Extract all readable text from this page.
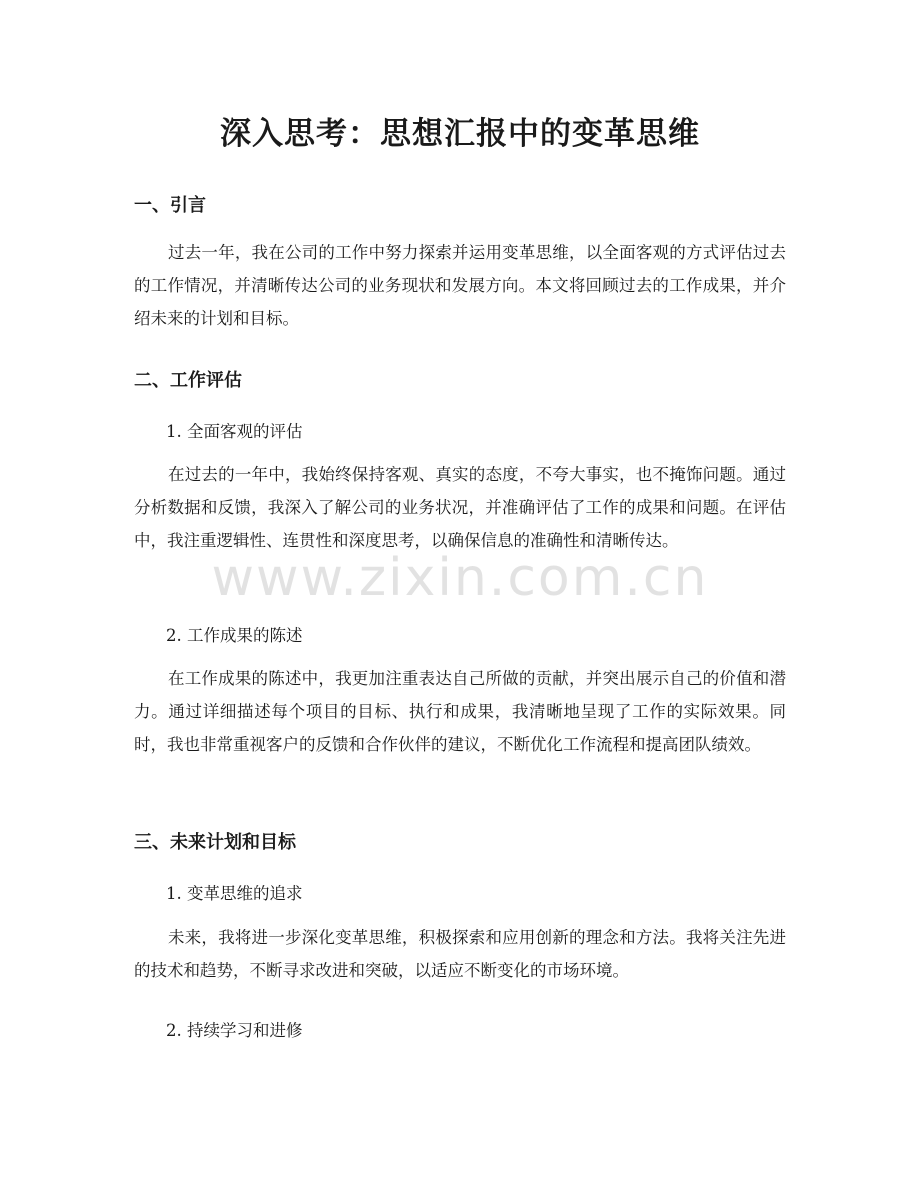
深入思考：思想汇报中的变革思维
一、引言

过去一年，我在公司的工作中努力探索并运用变革思维，以全面客观的方式评估过去的工作情况，并清晰传达公司的业务现状和发展方向。本文将回顾过去的工作成果，并介绍未来的计划和目标。

二、工作评估

1. 全面客观的评估

在过去的一年中，我始终保持客观、真实的态度，不夸大事实，也不掩饰问题。通过分析数据和反馈，我深入了解公司的业务状况，并准确评估了工作的成果和问题。在评估中，我注重逻辑性、连贯性和深度思考，以确保信息的准确性和清晰传达。

2. 工作成果的陈述

在工作成果的陈述中，我更加注重表达自己所做的贡献，并突出展示自己的价值和潜力。通过详细描述每个项目的目标、执行和成果，我清晰地呈现了工作的实际效果。同时，我也非常重视客户的反馈和合作伙伴的建议，不断优化工作流程和提高团队绩效。

三、未来计划和目标

1. 变革思维的追求

未来，我将进一步深化变革思维，积极探索和应用创新的理念和方法。我将关注先进的技术和趋势，不断寻求改进和突破，以适应不断变化的市场环境。

2. 持续学习和进修

www.zixin.com.cn
